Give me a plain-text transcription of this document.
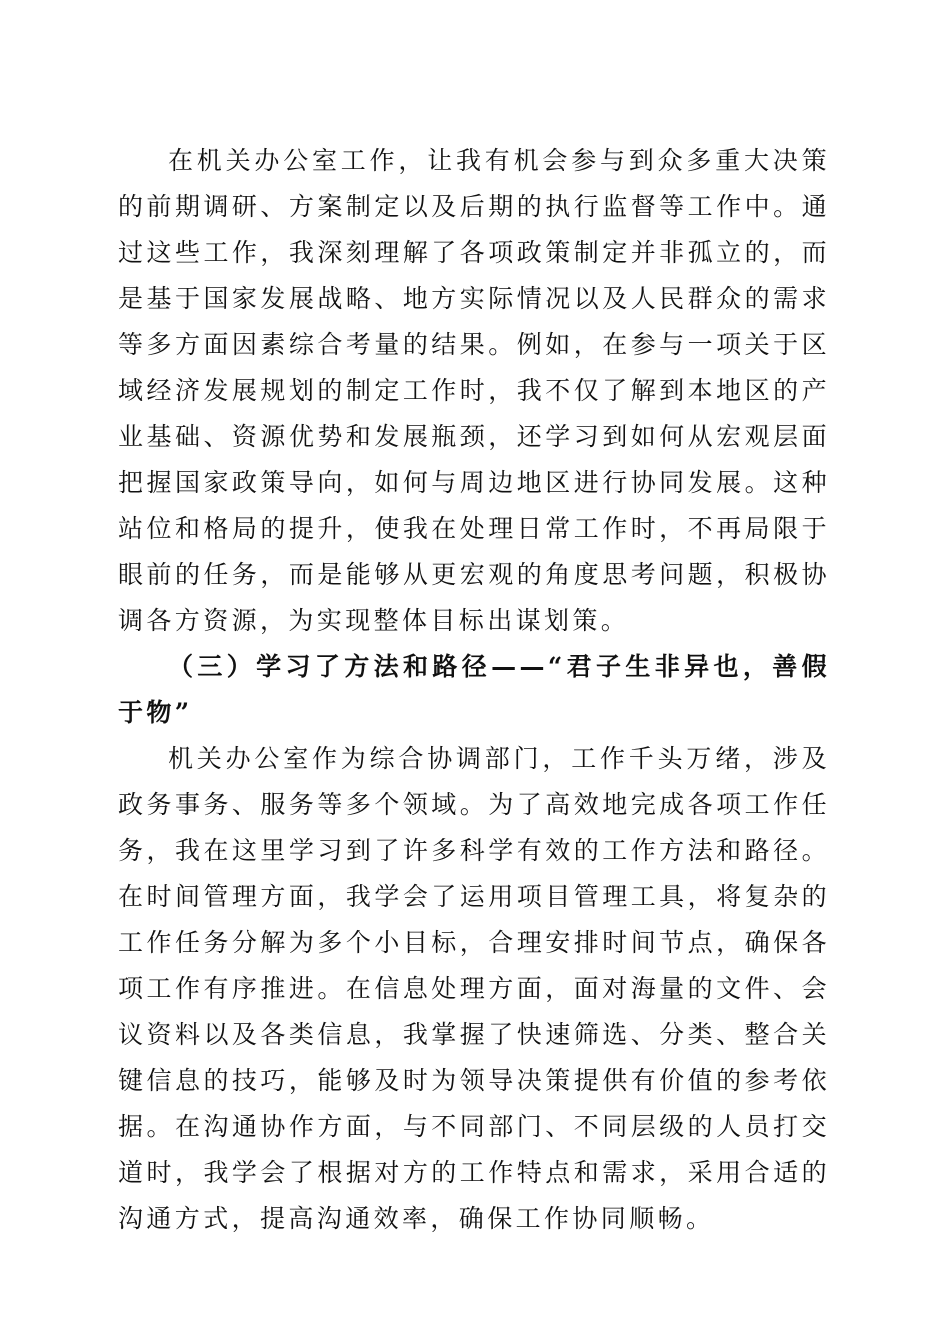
在机关办公室工作，让我有机会参与到众多重大决策的前期调研、方案制定以及后期的执行监督等工作中。通过这些工作，我深刻理解了各项政策制定并非孤立的，而是基于国家发展战略、地方实际情况以及人民群众的需求等多方面因素综合考量的结果。例如，在参与一项关于区域经济发展规划的制定工作时，我不仅了解到本地区的产业基础、资源优势和发展瓶颈，还学习到如何从宏观层面把握国家政策导向，如何与周边地区进行协同发展。这种站位和格局的提升，使我在处理日常工作时，不再局限于眼前的任务，而是能够从更宏观的角度思考问题，积极协调各方资源，为实现整体目标出谋划策。

（三）学习了方法和路径——“君子生非异也，善假于物”

机关办公室作为综合协调部门，工作千头万绪，涉及政务事务、服务等多个领域。为了高效地完成各项工作任务，我在这里学习到了许多科学有效的工作方法和路径。在时间管理方面，我学会了运用项目管理工具，将复杂的工作任务分解为多个小目标，合理安排时间节点，确保各项工作有序推进。在信息处理方面，面对海量的文件、会议资料以及各类信息，我掌握了快速筛选、分类、整合关键信息的技巧，能够及时为领导决策提供有价值的参考依据。在沟通协作方面，与不同部门、不同层级的人员打交道时，我学会了根据对方的工作特点和需求，采用合适的沟通方式，提高沟通效率，确保工作协同顺畅。
